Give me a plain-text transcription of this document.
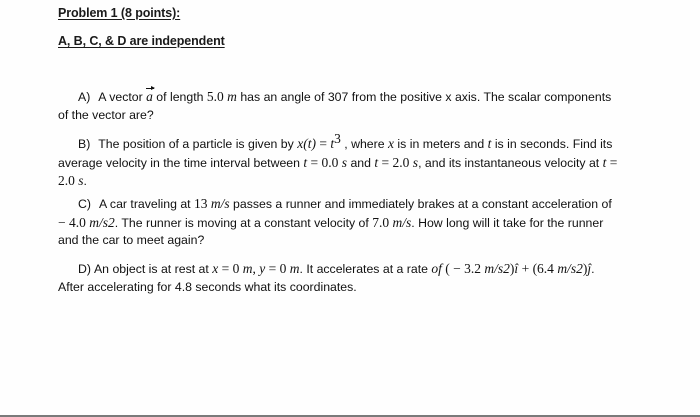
Problem 1 (8 points):
A, B, C, & D are independent
A) A vector a of length 5.0 m has an angle of 307 from the positive x axis. The scalar components of the vector are?
B) The position of a particle is given by $x(t) = t^3$ , where x is in meters and t is in seconds. Find its average velocity in the time interval between t = 0.0 s and t = 2.0 s, and its instantaneous velocity at t = 2.0 s.
C) A car traveling at 13 m/s passes a runner and immediately brakes at a constant acceleration of − 4.0 m/s2. The runner is moving at a constant velocity of 7.0 m/s. How long will it take for the runner and the car to meet again?
D) An object is at rest at x = 0 m, y = 0 m. It accelerates at a rate of ( − 3.2 m/s2)î + (6.4 m/s2)ĵ. After accelerating for 4.8 seconds what its coordinates.
